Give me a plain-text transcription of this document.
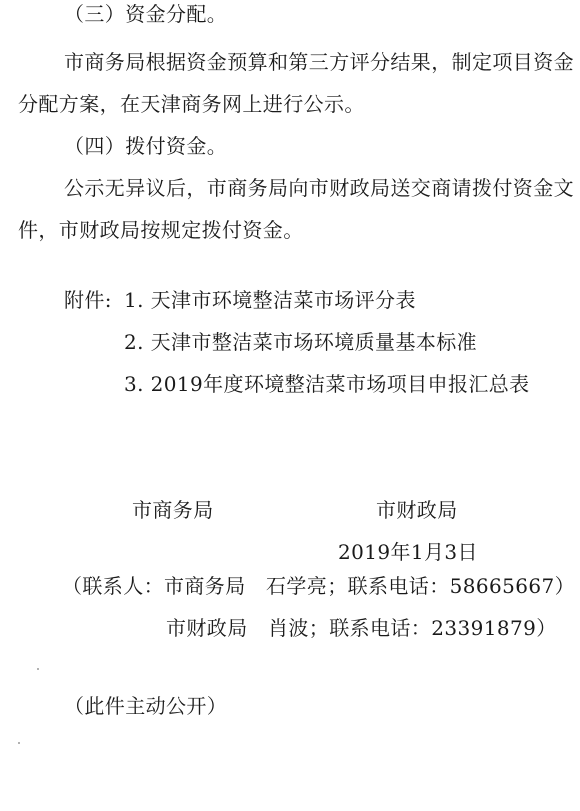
（三）资金分配。
市商务局根据资金预算和第三方评分结果，制定项目资金
分配方案，在天津商务网上进行公示。
（四）拨付资金。
公示无异议后，市商务局向市财政局送交商请拨付资金文
件，市财政局按规定拨付资金。
附件: 1. 天津市环境整洁菜市场评分表
2. 天津市整洁菜市场环境质量基本标准
3. 2019年度环境整洁菜市场项目申报汇总表
市商务局	市财政局
2019年1月3日
（联系人：市商务局　石学亮；联系电话：58665667）
市财政局　肖波；联系电话：23391879）
（此件主动公开）
